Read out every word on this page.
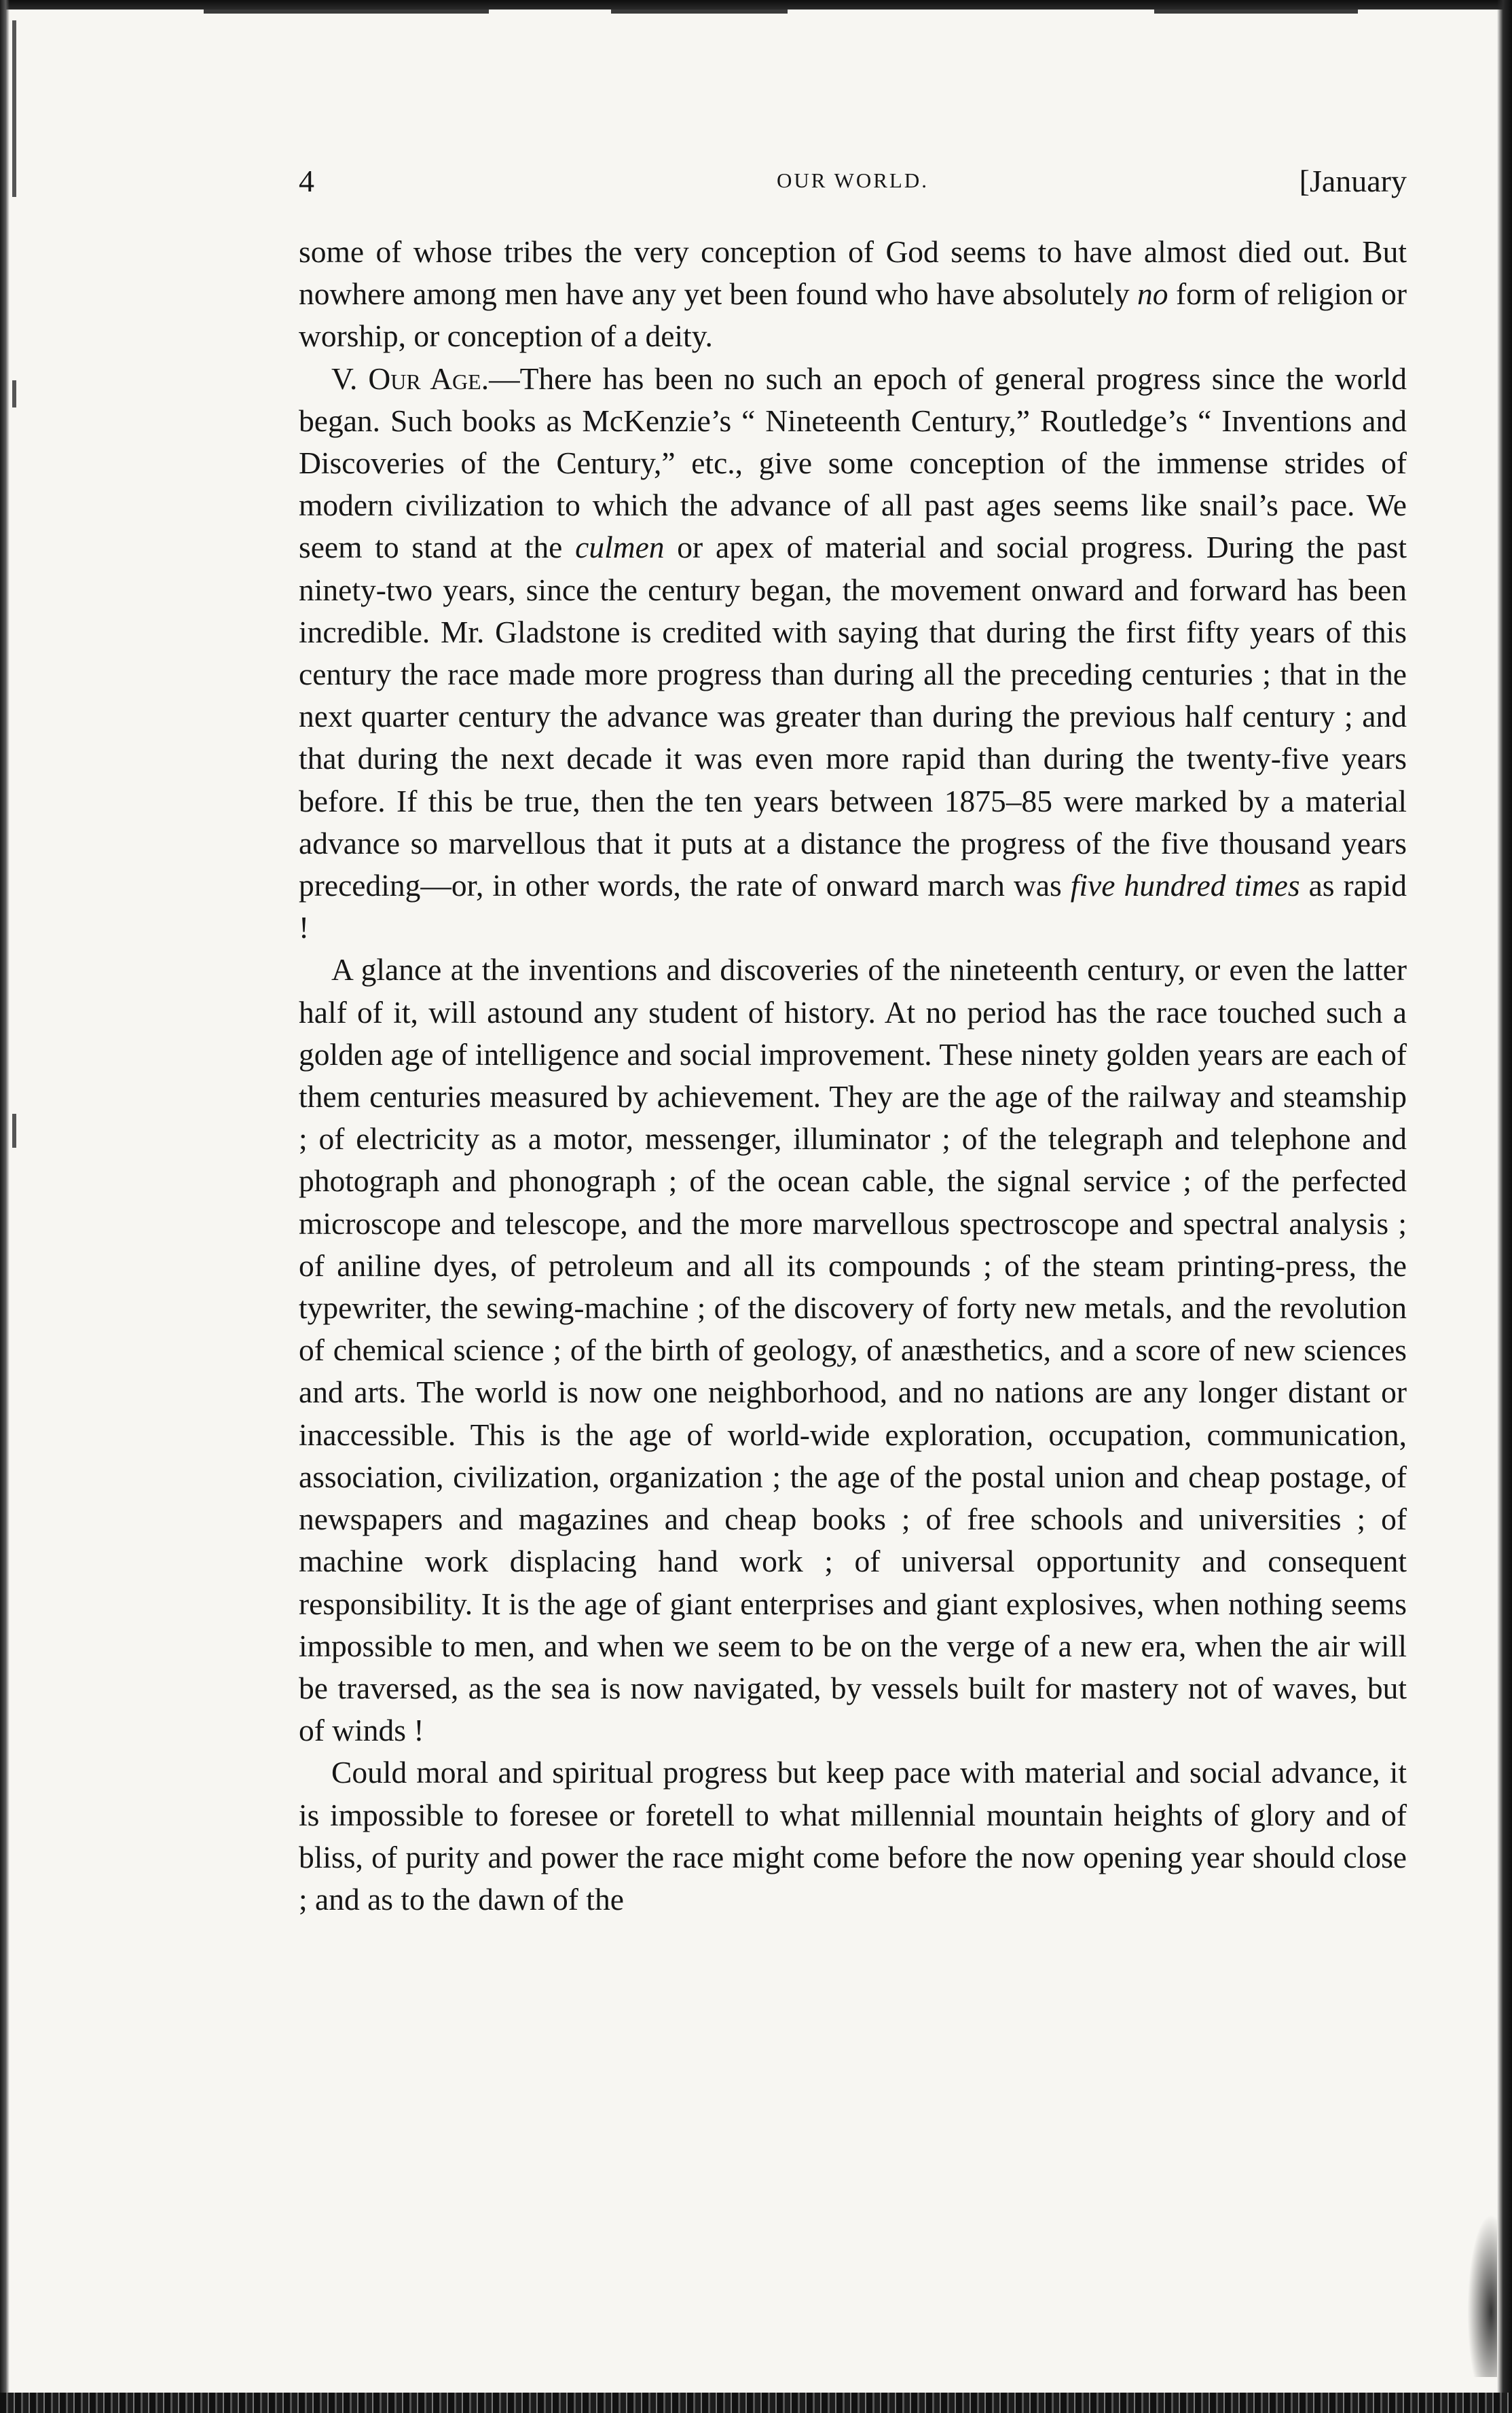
4	OUR WORLD.	[January

some of whose tribes the very conception of God seems to have almost died out. But nowhere among men have any yet been found who have absolutely no form of religion or worship, or conception of a deity.

V. Our Age.—There has been no such an epoch of general progress since the world began. Such books as McKenzie’s “ Nineteenth Century,” Routledge’s “ Inventions and Discoveries of the Century,” etc., give some conception of the immense strides of modern civilization to which the advance of all past ages seems like snail’s pace. We seem to stand at the culmen or apex of material and social progress. During the past ninety-two years, since the century began, the movement onward and forward has been incredible. Mr. Gladstone is credited with saying that during the first fifty years of this century the race made more progress than during all the preceding centuries ; that in the next quarter century the advance was greater than during the previous half century ; and that during the next decade it was even more rapid than during the twenty-five years before. If this be true, then the ten years between 1875–85 were marked by a material advance so marvellous that it puts at a distance the progress of the five thousand years preceding—or, in other words, the rate of onward march was five hundred times as rapid !

A glance at the inventions and discoveries of the nineteenth century, or even the latter half of it, will astound any student of history. At no period has the race touched such a golden age of intelligence and social improvement. These ninety golden years are each of them centuries measured by achievement. They are the age of the railway and steamship ; of electricity as a motor, messenger, illuminator ; of the telegraph and telephone and photograph and phonograph ; of the ocean cable, the signal service ; of the perfected microscope and telescope, and the more marvellous spectroscope and spectral analysis ; of aniline dyes, of petroleum and all its compounds ; of the steam printing-press, the typewriter, the sewing-machine ; of the discovery of forty new metals, and the revolution of chemical science ; of the birth of geology, of anæsthetics, and a score of new sciences and arts. The world is now one neighborhood, and no nations are any longer distant or inaccessible. This is the age of world-wide exploration, occupation, communication, association, civilization, organization ; the age of the postal union and cheap postage, of newspapers and magazines and cheap books ; of free schools and universities ; of machine work displacing hand work ; of universal opportunity and consequent responsibility. It is the age of giant enterprises and giant explosives, when nothing seems impossible to men, and when we seem to be on the verge of a new era, when the air will be traversed, as the sea is now navigated, by vessels built for mastery not of waves, but of winds !

Could moral and spiritual progress but keep pace with material and social advance, it is impossible to foresee or foretell to what millennial mountain heights of glory and of bliss, of purity and power the race might come before the now opening year should close ; and as to the dawn of the
